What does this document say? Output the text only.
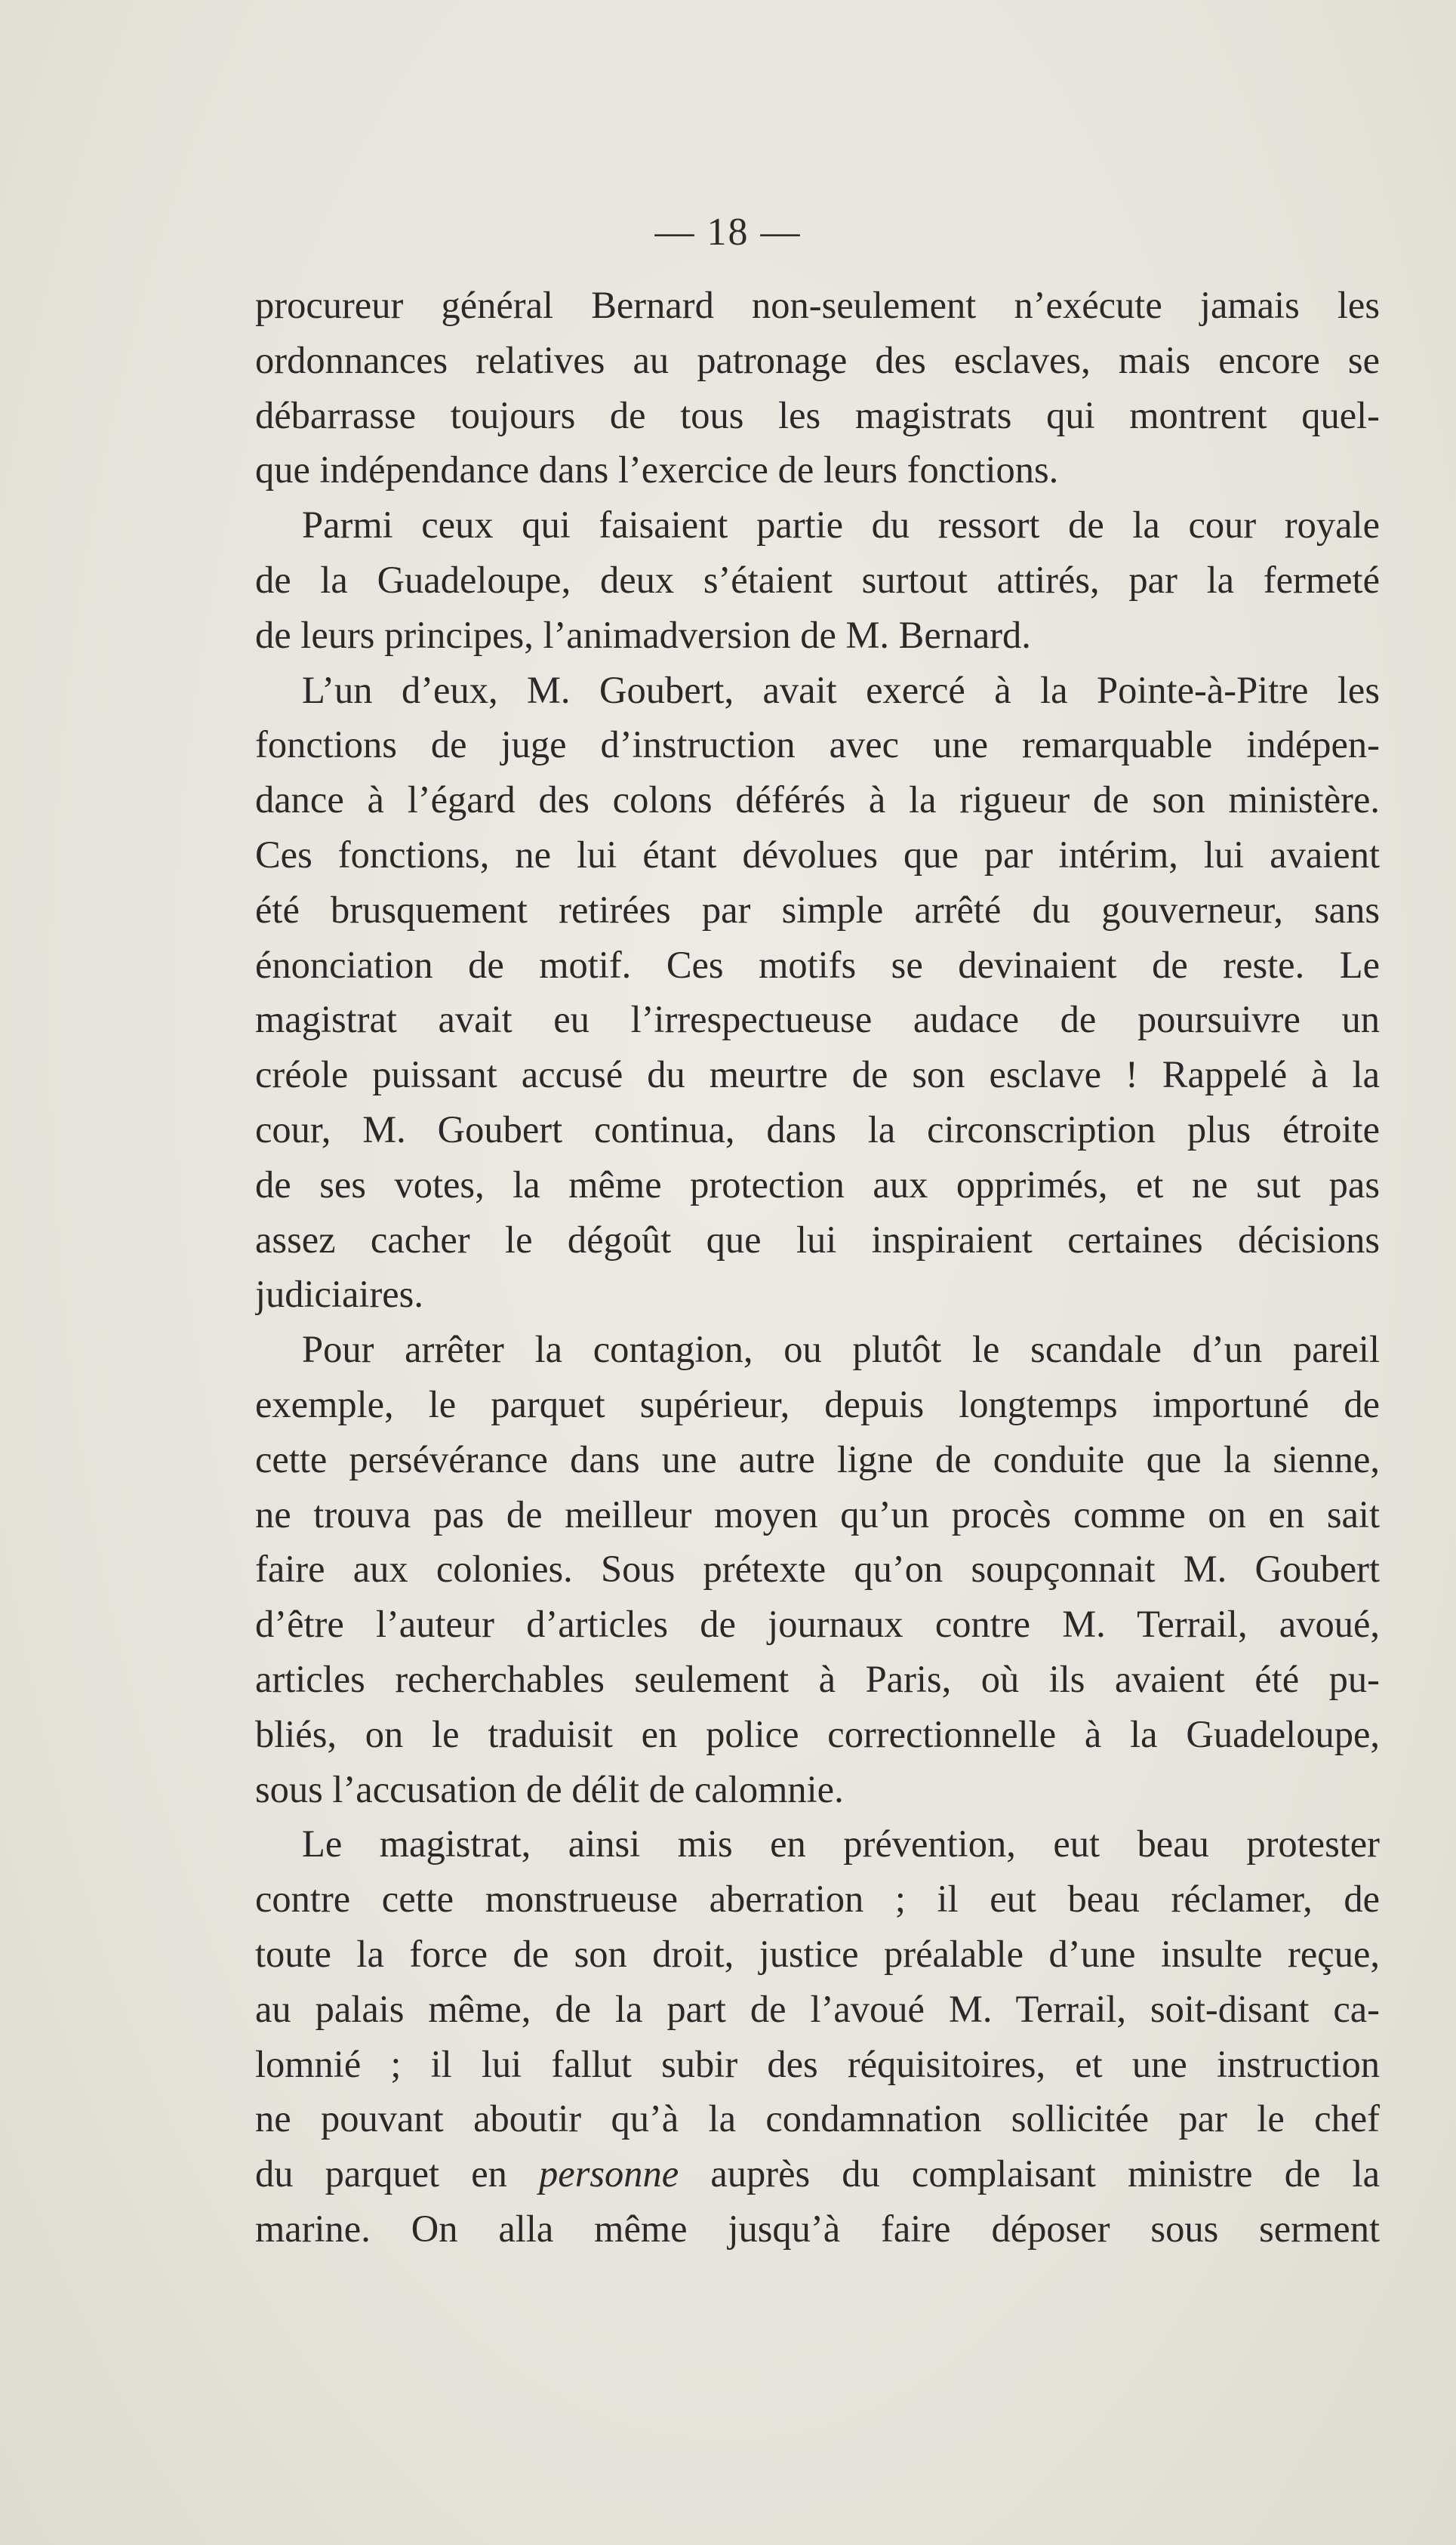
— 18 —
procureur général Bernard non-seulement n’exécute jamais les
ordonnances relatives au patronage des esclaves, mais encore se
débarrasse toujours de tous les magistrats qui montrent quel-
que indépendance dans l’exercice de leurs fonctions.
Parmi ceux qui faisaient partie du ressort de la cour royale
de la Guadeloupe, deux s’étaient surtout attirés, par la fermeté
de leurs principes, l’animadversion de M. Bernard.
L’un d’eux, M. Goubert, avait exercé à la Pointe-à-Pitre les
fonctions de juge d’instruction avec une remarquable indépen-
dance à l’égard des colons déférés à la rigueur de son ministère.
Ces fonctions, ne lui étant dévolues que par intérim, lui avaient
été brusquement retirées par simple arrêté du gouverneur, sans
énonciation de motif. Ces motifs se devinaient de reste. Le
magistrat avait eu l’irrespectueuse audace de poursuivre un
créole puissant accusé du meurtre de son esclave ! Rappelé à la
cour, M. Goubert continua, dans la circonscription plus étroite
de ses votes, la même protection aux opprimés, et ne sut pas
assez cacher le dégoût que lui inspiraient certaines décisions
judiciaires.
Pour arrêter la contagion, ou plutôt le scandale d’un pareil
exemple, le parquet supérieur, depuis longtemps importuné de
cette persévérance dans une autre ligne de conduite que la sienne,
ne trouva pas de meilleur moyen qu’un procès comme on en sait
faire aux colonies. Sous prétexte qu’on soupçonnait M. Goubert
d’être l’auteur d’articles de journaux contre M. Terrail, avoué,
articles recherchables seulement à Paris, où ils avaient été pu-
bliés, on le traduisit en police correctionnelle à la Guadeloupe,
sous l’accusation de délit de calomnie.
Le magistrat, ainsi mis en prévention, eut beau protester
contre cette monstrueuse aberration ; il eut beau réclamer, de
toute la force de son droit, justice préalable d’une insulte reçue,
au palais même, de la part de l’avoué M. Terrail, soit-disant ca-
lomnié ; il lui fallut subir des réquisitoires, et une instruction
ne pouvant aboutir qu’à la condamnation sollicitée par le chef
du parquet en personne auprès du complaisant ministre de la
marine. On alla même jusqu’à faire déposer sous serment
